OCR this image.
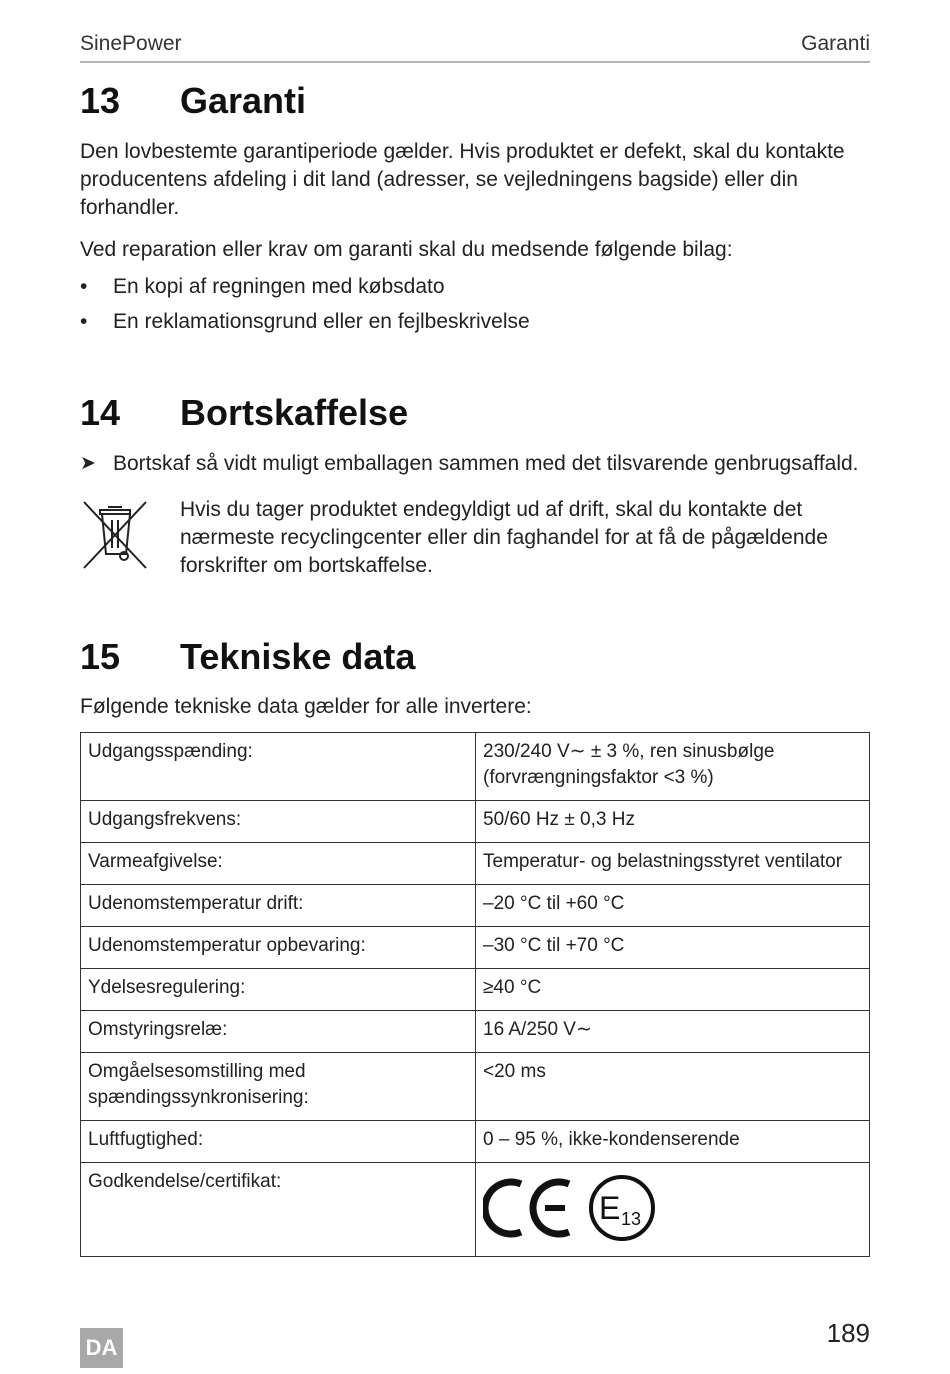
SinePower	Garanti
13 Garanti

Den lovbestemte garantiperiode gælder. Hvis produktet er defekt, skal du kontakte producentens afdeling i dit land (adresser, se vejledningens bagside) eller din forhandler.

Ved reparation eller krav om garanti skal du medsende følgende bilag:

• En kopi af regningen med købsdato
• En reklamationsgrund eller en fejlbeskrivelse
14 Bortskaffelse
➤ Bortskaf så vidt muligt emballagen sammen med det tilsvarende genbrugsaffald.

Hvis du tager produktet endegyldigt ud af drift, skal du kontakte det nærmeste recyclingcenter eller din faghandel for at få de pågældende forskrifter om bortskaffelse.

15 Tekniske data

Følgende tekniske data gælder for alle invertere:

Udgangsspænding:	230/240 V∼ ± 3 %, ren sinusbølge (forvrængningsfaktor <3 %)
Udgangsfrekvens:	50/60 Hz ± 0,3 Hz
Varmeafgivelse:	Temperatur- og belastningsstyret ventilator
Udenomstemperatur drift:	–20 °C til +60 °C
Udenomstemperatur opbevaring:	–30 °C til +70 °C
Ydelsesregulering:	≥40 °C
Omstyringsrelæ:	16 A/250 V∼
Omgåelsesomstilling med spændingssynkronisering:	<20 ms
Luftfugtighed:	0 – 95 %, ikke-kondenserende
Godkendelse/certifikat:	E 13
DA	189
